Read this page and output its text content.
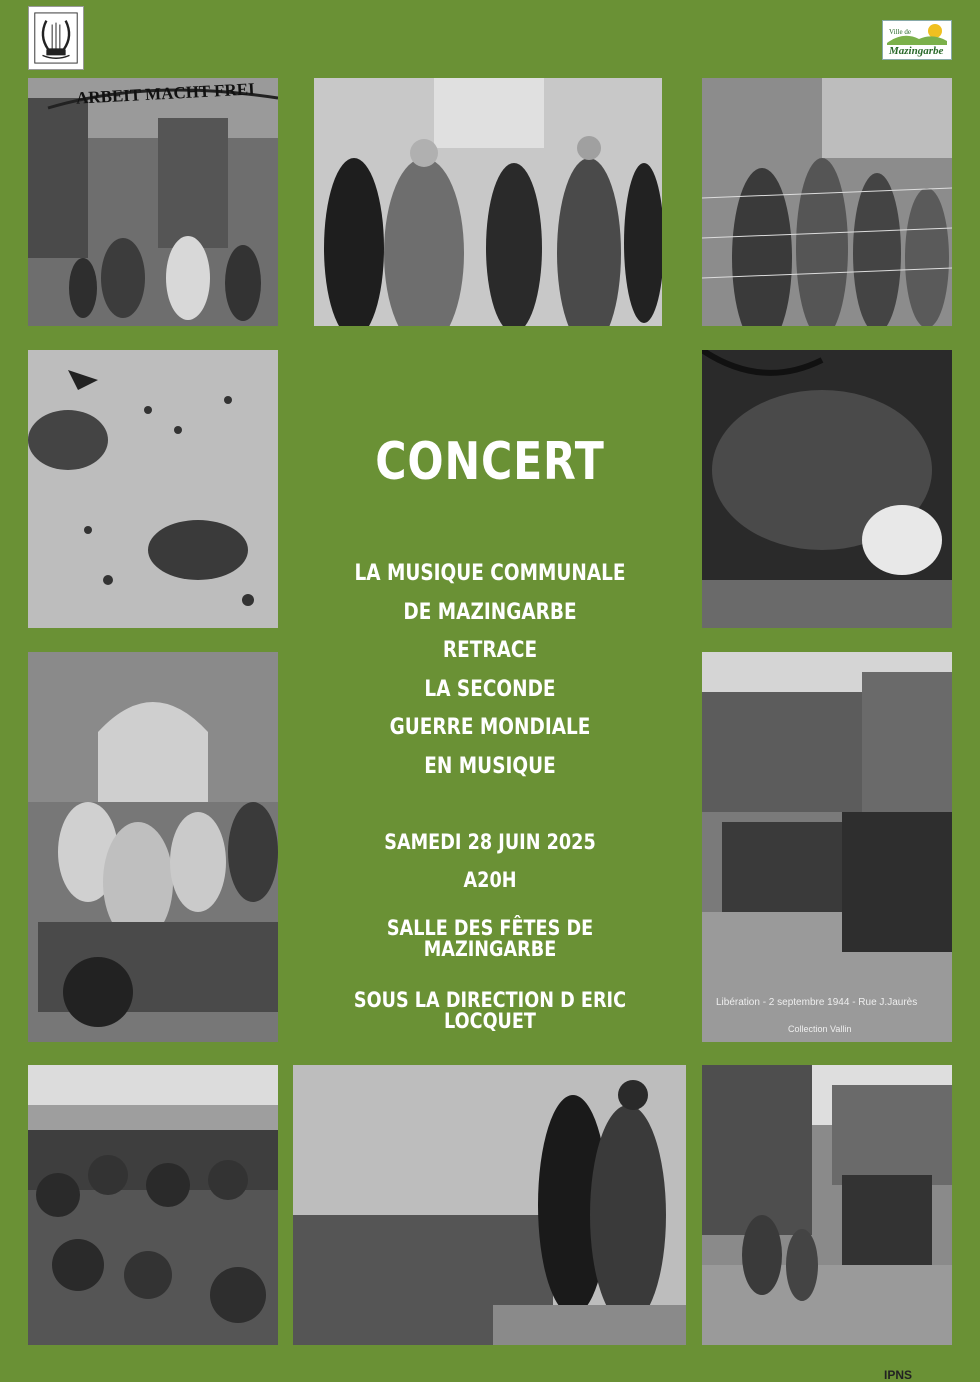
Ville de
Mazingarbe
ARBEIT MACHT FREI
Libération - 2 septembre 1944 - Rue J.Jaurès
Collection Vallin
CONCERT
LA MUSIQUE COMMUNALE
DE MAZINGARBE
RETRACE
LA SECONDE
GUERRE MONDIALE
EN MUSIQUE
SAMEDI 28 JUIN 2025
A20H
SALLE DES FÊTES DE MAZINGARBE
SOUS LA DIRECTION D ERIC LOCQUET
IPNS
